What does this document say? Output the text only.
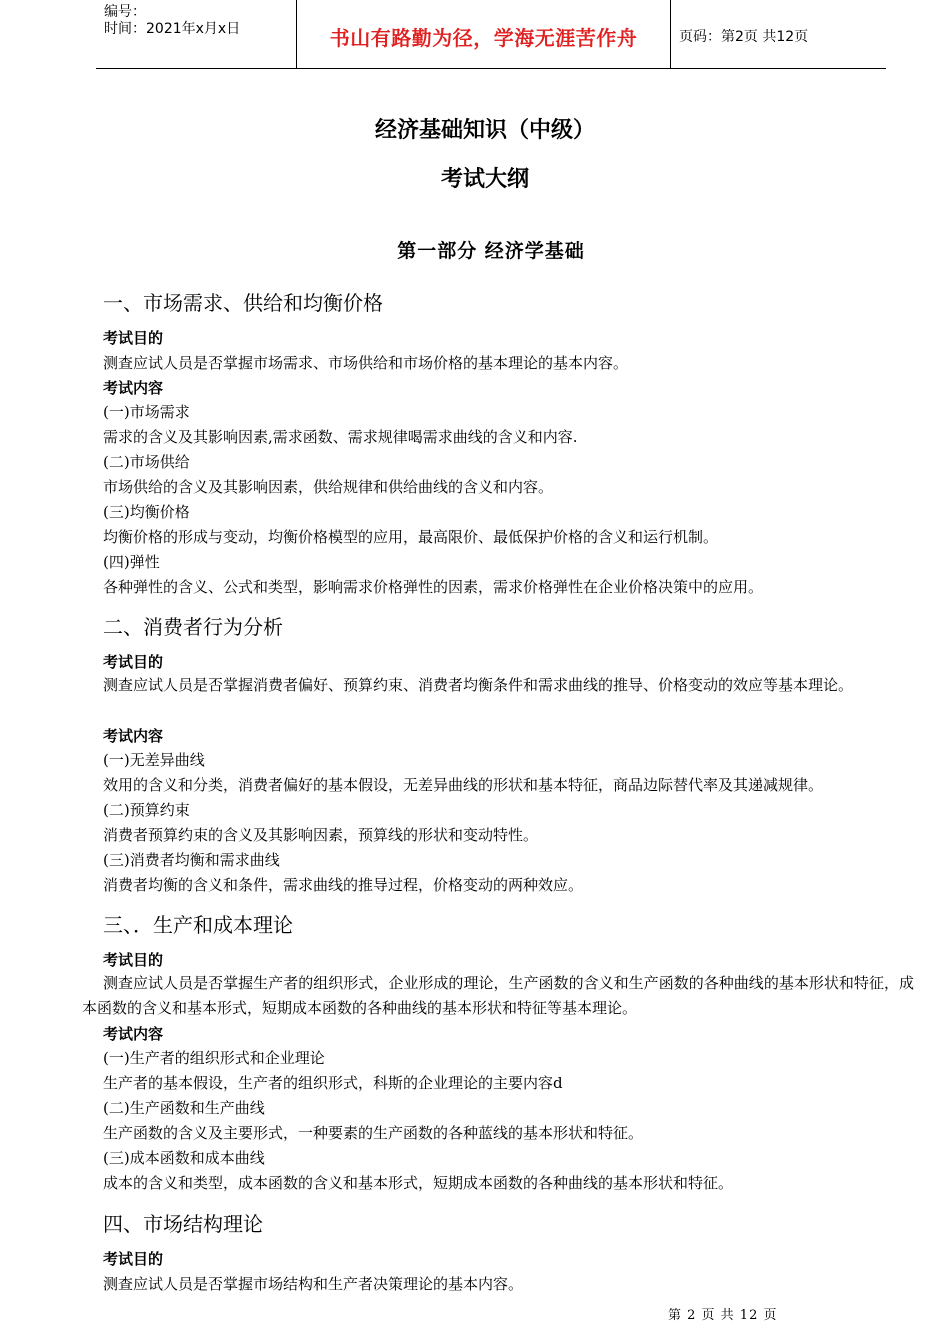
编号：
时间：2021年x月x日	书山有路勤为径，学海无涯苦作舟	页码：第2页 共12页
经济基础知识（中级）
考试大纲
第一部分 经济学基础
一、市场需求、供给和均衡价格
考试目的
测查应试人员是否掌握市场需求、市场供给和市场价格的基本理论的基本内容。
考试内容
(一)市场需求
需求的含义及其影响因素,需求函数、需求规律喝需求曲线的含义和内容.
(二)市场供给
市场供给的含义及其影响因素，供给规律和供给曲线的含义和内容。
(三)均衡价格
均衡价格的形成与变动，均衡价格模型的应用，最高限价、最低保护价格的含义和运行机制。
(四)弹性
各种弹性的含义、公式和类型，影响需求价格弹性的因素，需求价格弹性在企业价格决策中的应用。
二、消费者行为分析
考试目的
测查应试人员是否掌握消费者偏好、预算约束、消费者均衡条件和需求曲线的推导、价格变动的效应等基本理论。
考试内容
(一)无差异曲线
效用的含义和分类，消费者偏好的基本假设，无差异曲线的形状和基本特征，商品边际替代率及其递减规律。
(二)预算约束
消费者预算约束的含义及其影响因素，预算线的形状和变动特性。
(三)消费者均衡和需求曲线
消费者均衡的含义和条件，需求曲线的推导过程，价格变动的两种效应。
三、．生产和成本理论
考试目的
测查应试人员是否掌握生产者的组织形式，企业形成的理论，生产函数的含义和生产函数的各种曲线的基本形状和特征，成本函数的含义和基本形式，短期成本函数的各种曲线的基本形状和特征等基本理论。
考试内容
(一)生产者的组织形式和企业理论
生产者的基本假设，生产者的组织形式，科斯的企业理论的主要内容d
(二)生产函数和生产曲线
生产函数的含义及主要形式，一种要素的生产函数的各种蓝线的基本形状和特征。
(三)成本函数和成本曲线
成本的含义和类型，成本函数的含义和基本形式，短期成本函数的各种曲线的基本形状和特征。
四、市场结构理论
考试目的
测查应试人员是否掌握市场结构和生产者决策理论的基本内容。
第 2 页 共 12 页
